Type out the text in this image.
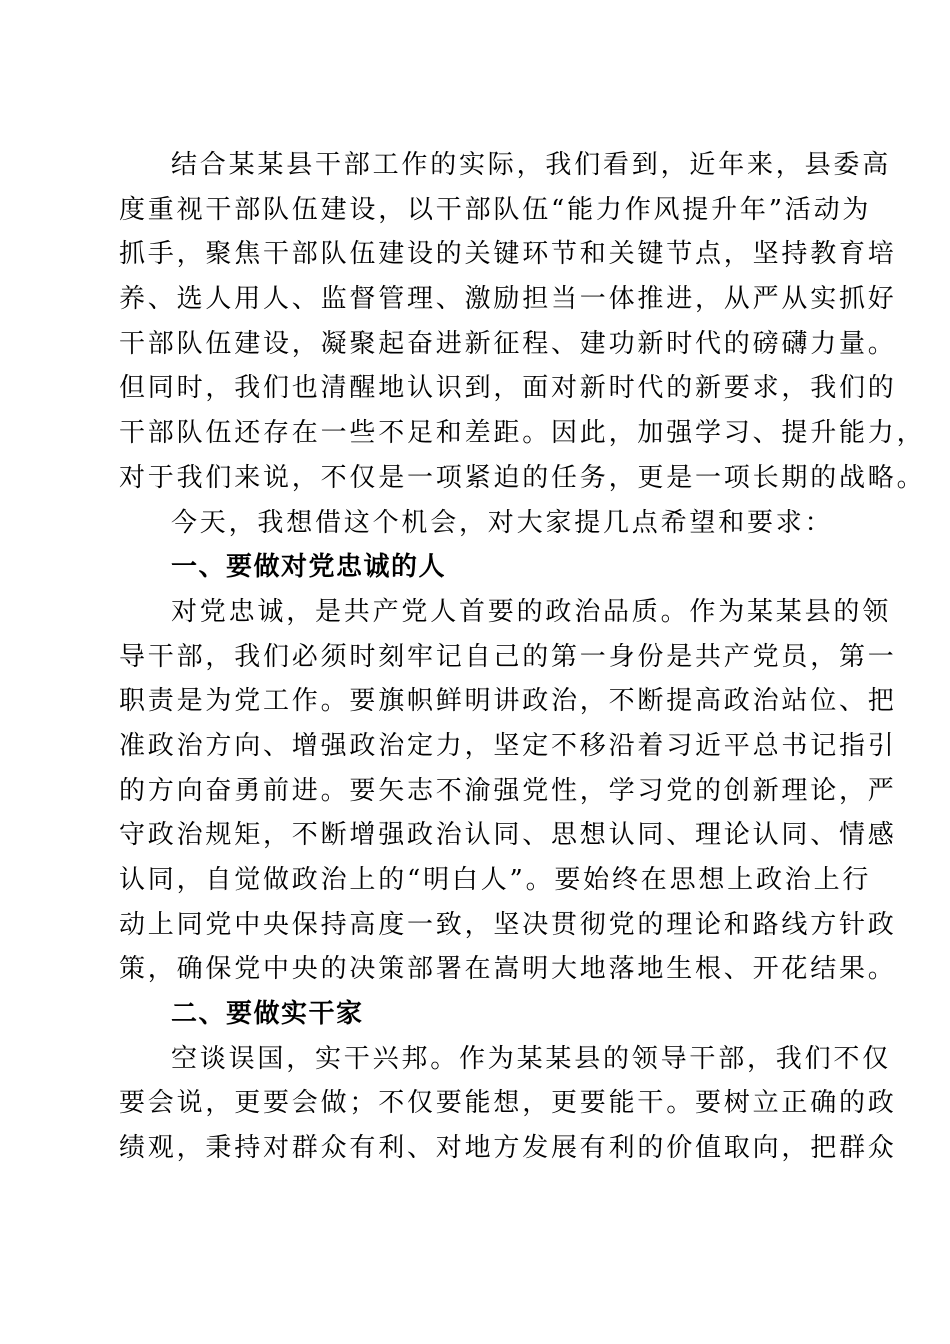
结合某某县干部工作的实际，我们看到，近年来，县委高
度重视干部队伍建设，以干部队伍“能力作风提升年”活动为
抓手，聚焦干部队伍建设的关键环节和关键节点，坚持教育培
养、选人用人、监督管理、激励担当一体推进，从严从实抓好
干部队伍建设，凝聚起奋进新征程、建功新时代的磅礴力量。
但同时，我们也清醒地认识到，面对新时代的新要求，我们的
干部队伍还存在一些不足和差距。因此，加强学习、提升能力，
对于我们来说，不仅是一项紧迫的任务，更是一项长期的战略。
今天，我想借这个机会，对大家提几点希望和要求：
一、要做对党忠诚的人
对党忠诚，是共产党人首要的政治品质。作为某某县的领
导干部，我们必须时刻牢记自己的第一身份是共产党员，第一
职责是为党工作。要旗帜鲜明讲政治，不断提高政治站位、把
准政治方向、增强政治定力，坚定不移沿着习近平总书记指引
的方向奋勇前进。要矢志不渝强党性，学习党的创新理论，严
守政治规矩，不断增强政治认同、思想认同、理论认同、情感
认同，自觉做政治上的“明白人”。要始终在思想上政治上行
动上同党中央保持高度一致，坚决贯彻党的理论和路线方针政
策，确保党中央的决策部署在嵩明大地落地生根、开花结果。
二、要做实干家
空谈误国，实干兴邦。作为某某县的领导干部，我们不仅
要会说，更要会做；不仅要能想，更要能干。要树立正确的政
绩观，秉持对群众有利、对地方发展有利的价值取向，把群众
